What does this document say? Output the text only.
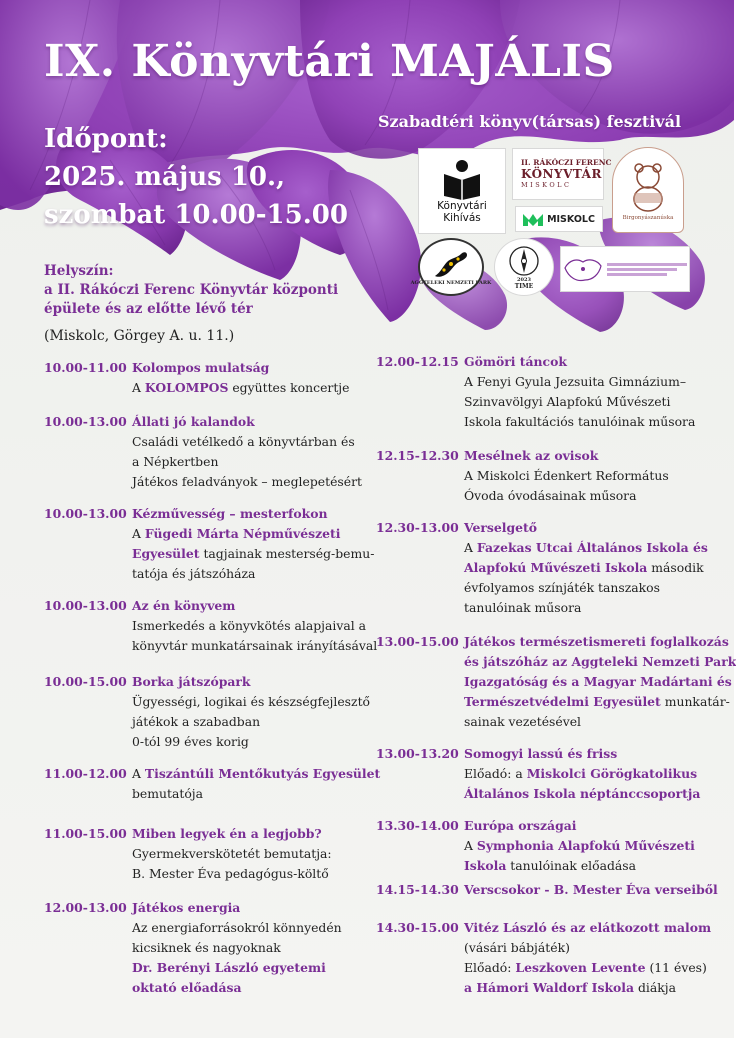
IX. Könyvtári MAJÁLIS
Szabadtéri könyv(társas) fesztivál
Időpont:
2025. május 10.,
szombat 10.00-15.00
Helyszín:
a II. Rákóczi Ferenc Könyvtár központi
épülete és az előtte lévő tér
(Miskolc, Görgey A. u. 11.)
Könyvtári Kihívás
II. RÁKÓCZI FERENC
KÖNYVTÁR
MISKOLC
MISKOLC	Birgonyászanúska
AGGTELEKI NEMZETI PARK
2023
TIME
10.00-11.00 Kolompos mulatság
A KOLOMPOS együttes koncertje
10.00-13.00 Állati jó kalandok
Családi vetélkedő a könyvtárban és
a Népkertben
Játékos feladványok – meglepetésért
10.00-13.00 Kézművesség – mesterfokon
A Fügedi Márta Népművészeti
Egyesület tagjainak mesterség-bemu-
tatója és játszóháza
10.00-13.00 Az én könyvem
Ismerkedés a könyvkötés alapjaival a
könyvtár munkatársainak irányításával
10.00-15.00 Borka játszópark
Ügyességi, logikai és készségfejlesztő
játékok a szabadban
0-tól 99 éves korig
11.00-12.00 A Tiszántúli Mentőkutyás Egyesület
bemutatója
11.00-15.00 Miben legyek én a legjobb?
Gyermekverskötetét bemutatja:
B. Mester Éva pedagógus-költő
12.00-13.00 Játékos energia
Az energiaforrásokról könnyedén
kicsiknek és nagyoknak
Dr. Berényi László egyetemi
oktató előadása
12.00-12.15 Gömöri táncok
A Fenyi Gyula Jezsuita Gimnázium–
Szinvavölgyi Alapfokú Művészeti
Iskola fakultációs tanulóinak műsora
12.15-12.30 Mesélnek az ovisok
A Miskolci Édenkert Református
Óvoda óvodásainak műsora
12.30-13.00 Verselgető
A Fazekas Utcai Általános Iskola és
Alapfokú Művészeti Iskola második
évfolyamos színjáték tanszakos
tanulóinak műsora
13.00-15.00 Játékos természetismereti foglalkozás
és játszóház az Aggteleki Nemzeti Park
Igazgatóság és a Magyar Madártani és
Természetvédelmi Egyesület munkatár-
sainak vezetésével
13.00-13.20 Somogyi lassú és friss
Előadó: a Miskolci Görögkatolikus
Általános Iskola néptánccsoportja
13.30-14.00 Európa országai
A Symphonia Alapfokú Művészeti
Iskola tanulóinak előadása
14.15-14.30 Verscsokor - B. Mester Éva verseiből
14.30-15.00 Vitéz László és az elátkozott malom
(vásári bábjáték)
Előadó: Leszkoven Levente (11 éves)
a Hámori Waldorf Iskola diákja
